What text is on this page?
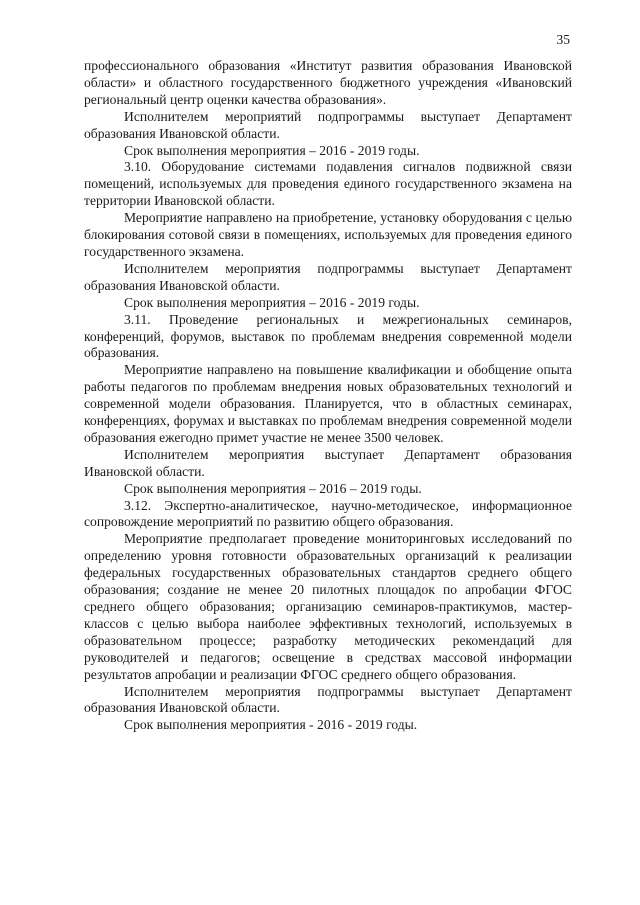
35

профессионального образования «Институт развития образования Ивановской области» и областного государственного бюджетного учреждения «Ивановский региональный центр оценки качества образования».

Исполнителем мероприятий подпрограммы выступает Департамент образования Ивановской области.

Срок выполнения мероприятия – 2016 - 2019 годы.

3.10. Оборудование системами подавления сигналов подвижной связи помещений, используемых для проведения единого государственного экзамена на территории Ивановской области.

Мероприятие направлено на приобретение, установку оборудования с целью блокирования сотовой связи в помещениях, используемых для проведения единого государственного экзамена.

Исполнителем мероприятия подпрограммы выступает Департамент образования Ивановской области.

Срок выполнения мероприятия – 2016 - 2019 годы.

3.11. Проведение региональных и межрегиональных семинаров, конференций, форумов, выставок по проблемам внедрения современной модели образования.

Мероприятие направлено на повышение квалификации и обобщение опыта работы педагогов по проблемам внедрения новых образовательных технологий и современной модели образования. Планируется, что в областных семинарах, конференциях, форумах и выставках по проблемам внедрения современной модели образования ежегодно примет участие не менее 3500 человек.

Исполнителем мероприятия выступает Департамент образования Ивановской области.

Срок выполнения мероприятия – 2016 – 2019 годы.

3.12. Экспертно-аналитическое, научно-методическое, информационное сопровождение мероприятий по развитию общего образования.

Мероприятие предполагает проведение мониторинговых исследований по определению уровня готовности образовательных организаций к реализации федеральных государственных образовательных стандартов среднего общего образования; создание не менее 20 пилотных площадок по апробации ФГОС среднего общего образования; организацию семинаров-практикумов, мастер-классов с целью выбора наиболее эффективных технологий, используемых в образовательном процессе; разработку методических рекомендаций для руководителей и педагогов; освещение в средствах массовой информации результатов апробации и реализации ФГОС среднего общего образования.

Исполнителем мероприятия подпрограммы выступает Департамент образования Ивановской области.

Срок выполнения мероприятия - 2016 - 2019 годы.
